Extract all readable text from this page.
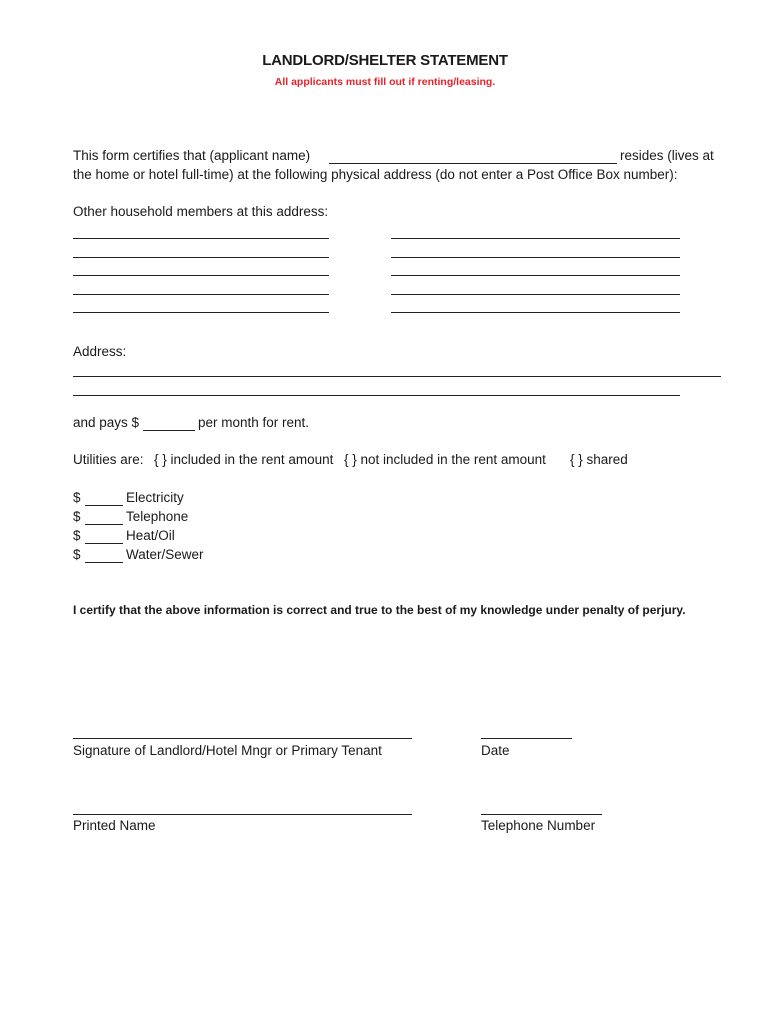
LANDLORD/SHELTER STATEMENT
All applicants must fill out if renting/leasing.
This form certifies that (applicant name)	resides (lives at
the home or hotel full-time) at the following physical address (do not enter a Post Office Box number):
Other household members at this address:
Address:
and pays $	per month for rent.
Utilities are: { } included in the rent amount { } not included in the rent amount { } shared
$	Electricity
$	Telephone
$	Heat/Oil
$	Water/Sewer
I certify that the above information is correct and true to the best of my knowledge under penalty of perjury.
Signature of Landlord/Hotel Mngr or Primary Tenant	Date
Printed Name	Telephone Number
